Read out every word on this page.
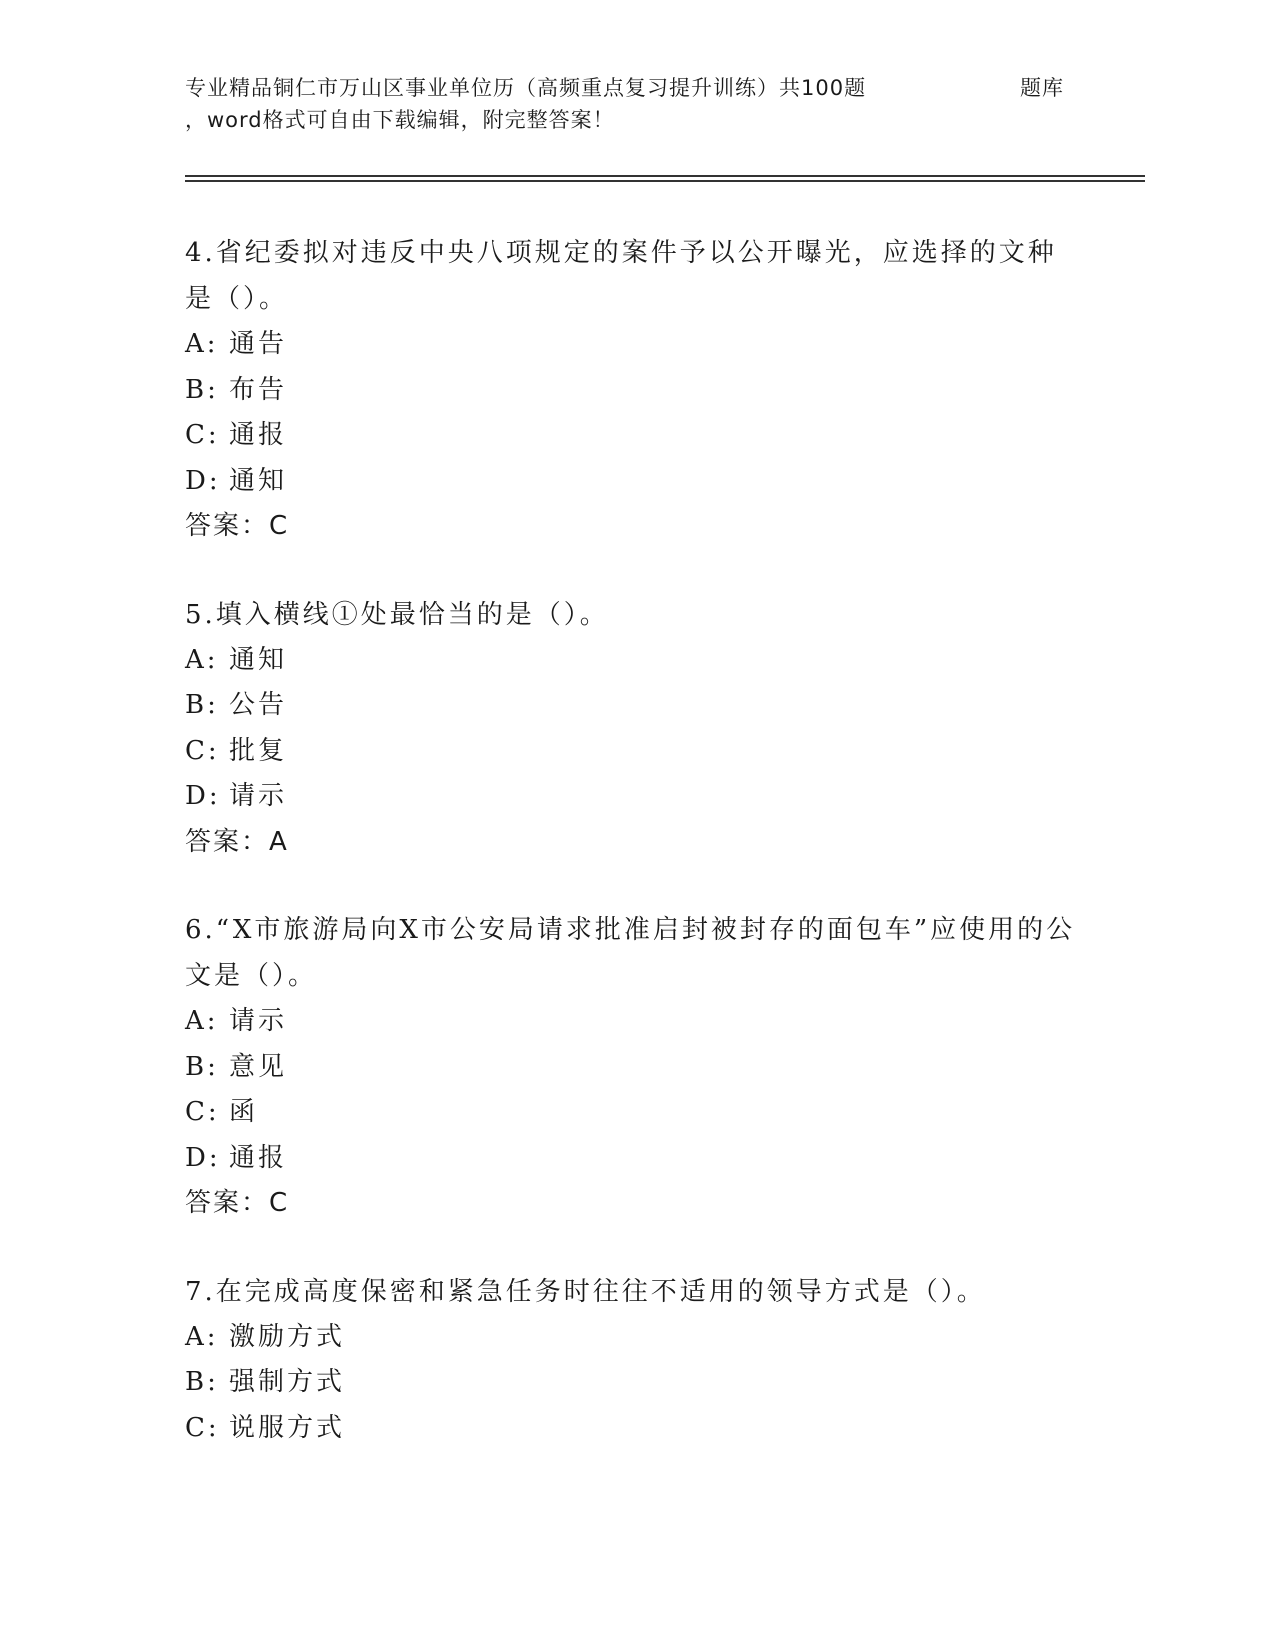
专业精品铜仁市万山区事业单位历（高频重点复习提升训练）共100题	题库
，word格式可自由下载编辑，附完整答案！

4.省纪委拟对违反中央八项规定的案件予以公开曝光，应选择的文种是（）。

A: 通告
B: 布告
C: 通报
D: 通知
答案：C

5.填入横线①处最恰当的是（）。

A: 通知
B: 公告
C: 批复
D: 请示
答案：A

6.“X市旅游局向X市公安局请求批准启封被封存的面包车”应使用的公文是（）。

A: 请示
B: 意见
C: 函
D: 通报
答案：C

7.在完成高度保密和紧急任务时往往不适用的领导方式是（）。

A: 激励方式
B: 强制方式
C: 说服方式
